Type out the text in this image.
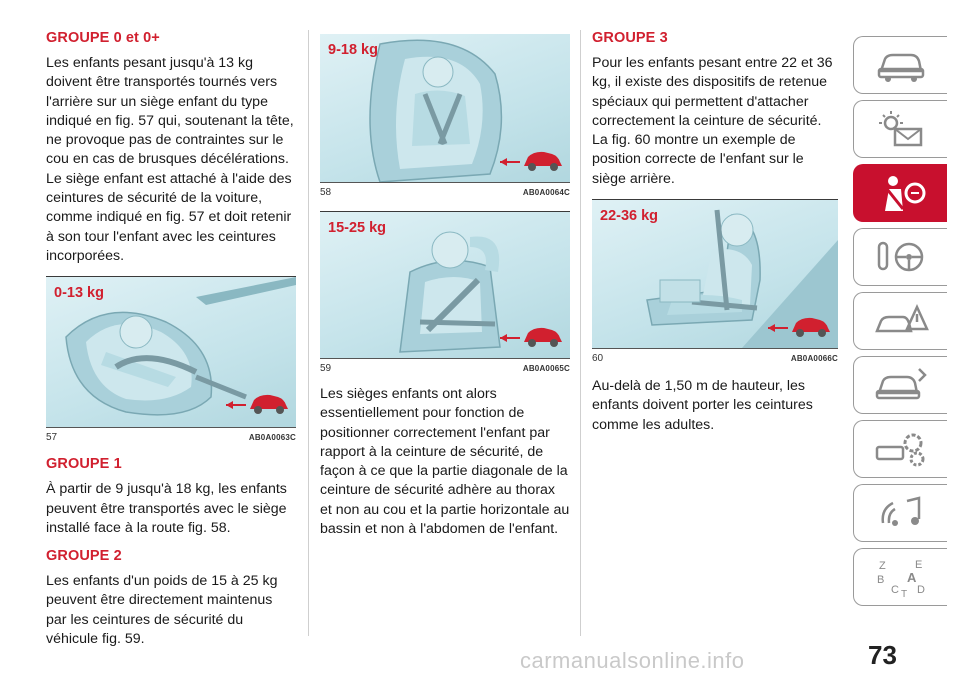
GROUPE 0 et 0+

Les enfants pesant jusqu'à 13 kg doivent être transportés tournés vers l'arrière sur un siège enfant du type indiqué en fig. 57 qui, soutenant la tête, ne provoque pas de contraintes sur le cou en cas de brusques décélérations. Le siège enfant est attaché à l'aide des ceintures de sécurité de la voiture, comme indiqué en fig. 57 et doit retenir à son tour l'enfant avec les ceintures incorporées.

0-13 kg
57	AB0A0063C
GROUPE 1

À partir de 9 jusqu'à 18 kg, les enfants peuvent être transportés avec le siège installé face à la route fig. 58.

GROUPE 2

Les enfants d'un poids de 15 à 25 kg peuvent être directement maintenus par les ceintures de sécurité du véhicule fig. 59.

9-18 kg
58	AB0A0064C
15-25 kg
59	AB0A0065C

Les sièges enfants ont alors essentiellement pour fonction de positionner correctement l'enfant par rapport à la ceinture de sécurité, de façon à ce que la partie diagonale de la ceinture de sécurité adhère au thorax et non au cou et la partie horizontale au bassin et non à l'abdomen de l'enfant.

GROUPE 3

Pour les enfants pesant entre 22 et 36 kg, il existe des dispositifs de retenue spéciaux qui permettent d'attacher correctement la ceinture de sécurité. La fig. 60 montre un exemple de position correcte de l'enfant sur le siège arrière.

22-36 kg
60	AB0A0066C

Au-delà de 1,50 m de hauteur, les enfants doivent porter les ceintures comme les adultes.

Z	E
B A
C D
T
carmanualsonline.info	73
